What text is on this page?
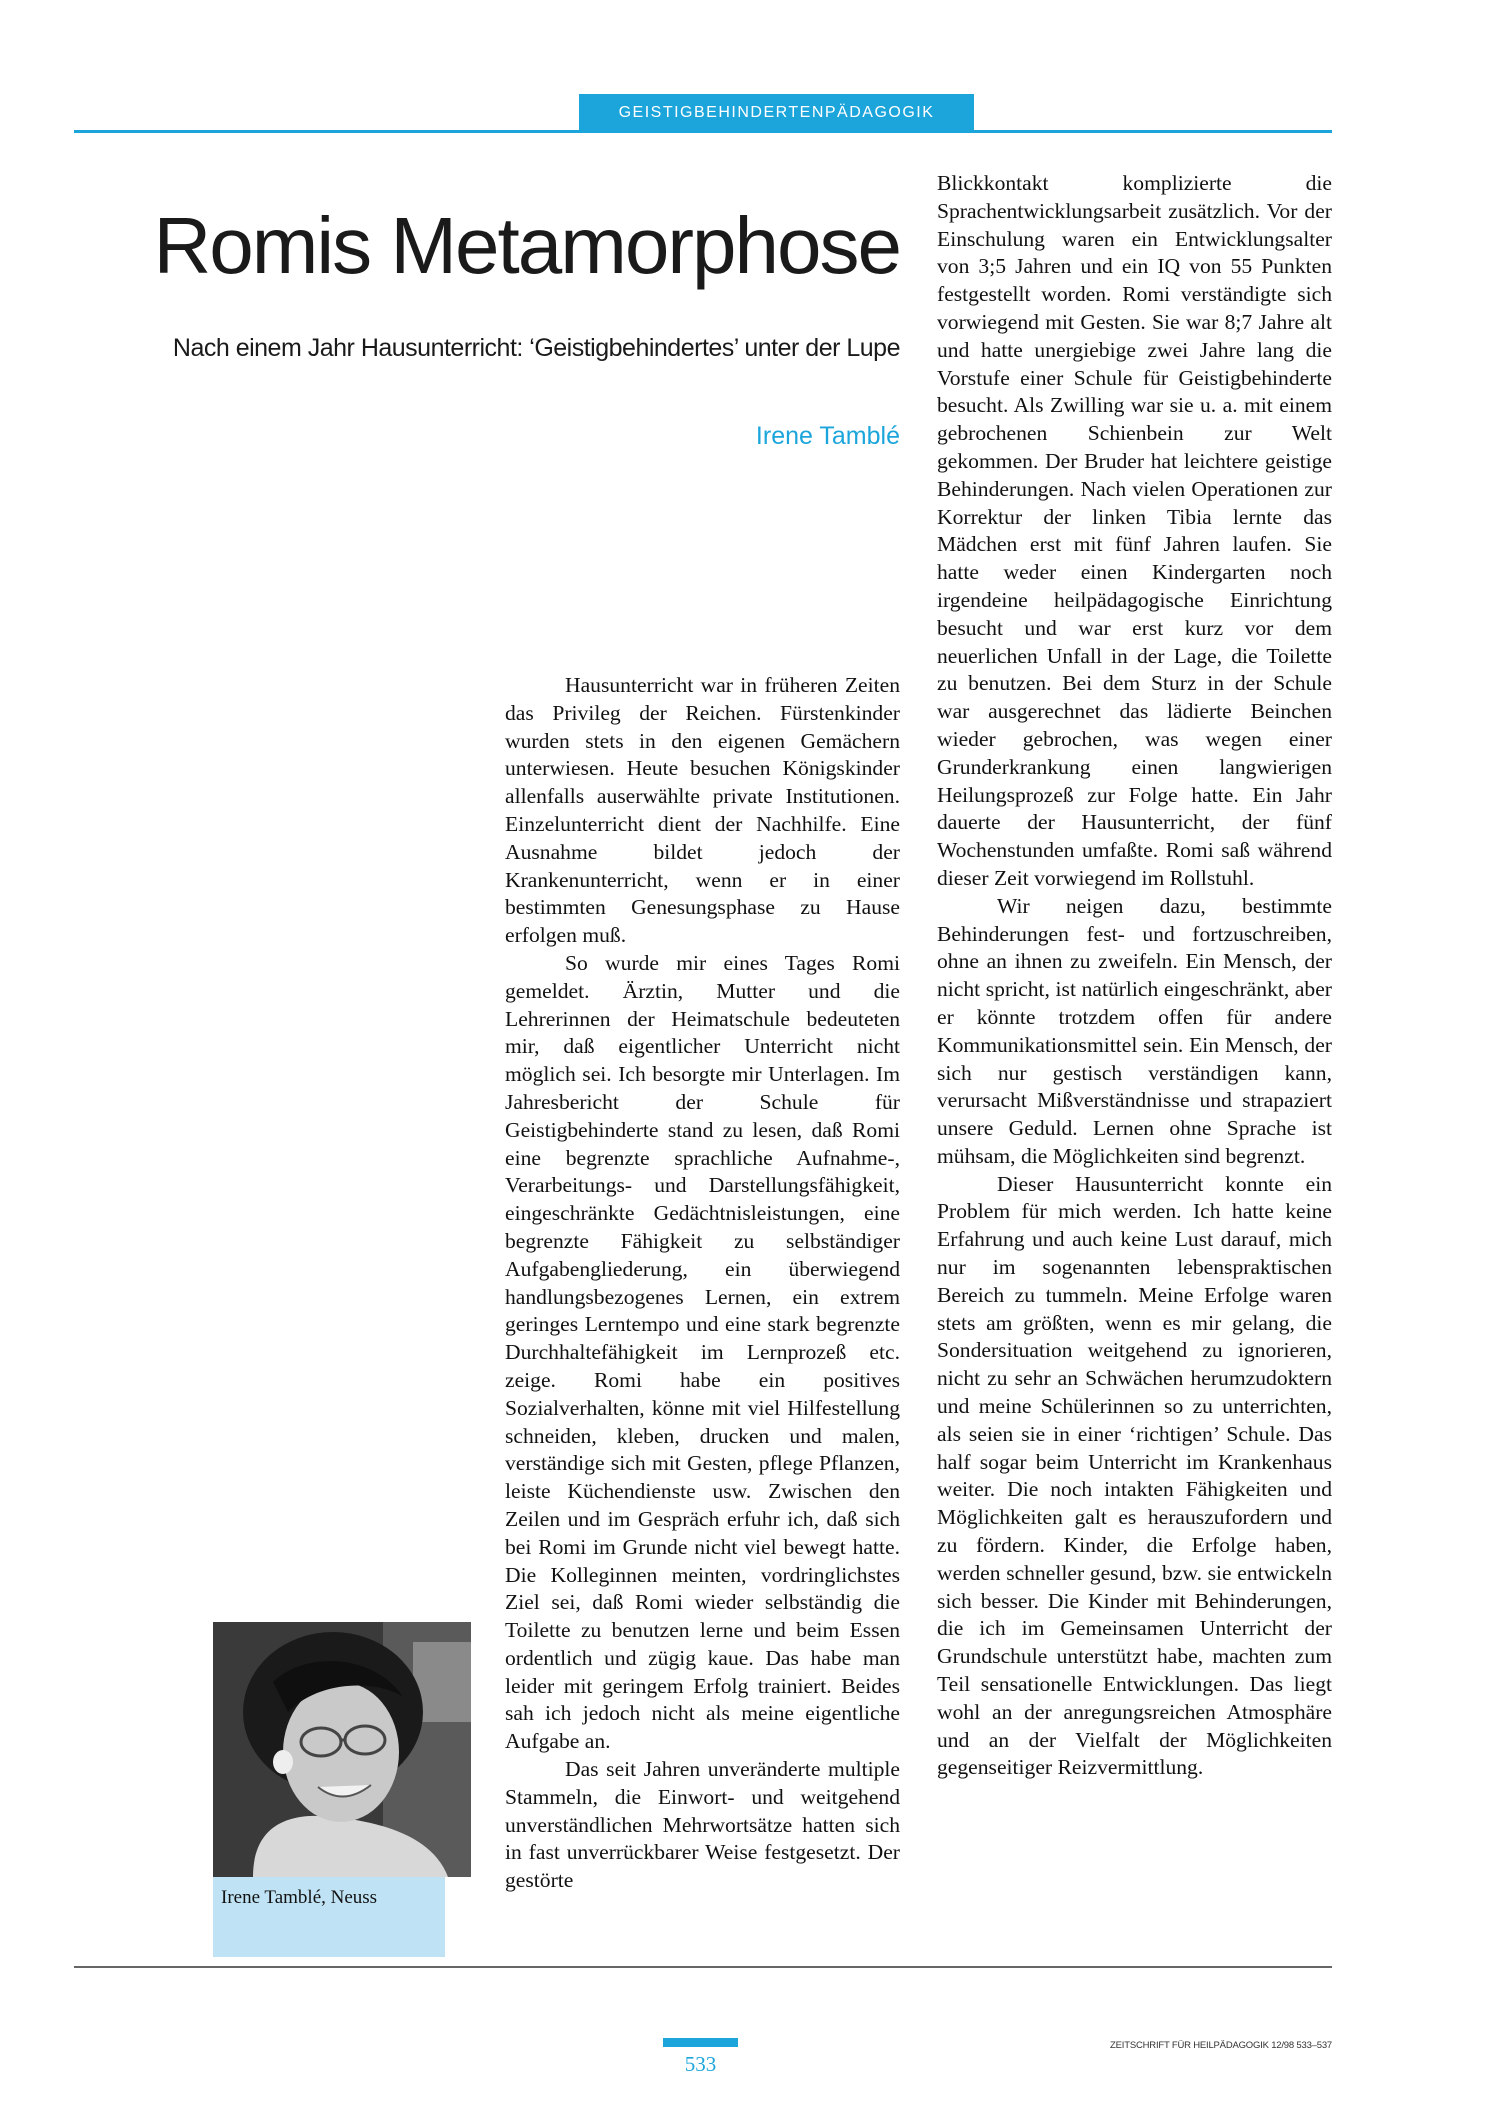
GEISTIGBEHINDERTENPÄDAGOGIK
Romis Metamorphose

Nach einem Jahr Hausunterricht: ‘Geistigbehindertes’ unter der Lupe

Irene Tamblé

Hausunterricht war in früheren Zeiten das Privileg der Reichen. Fürstenkinder wurden stets in den eigenen Gemächern unterwiesen. Heute besuchen Königskinder allenfalls auserwählte private Institutionen. Einzelunterricht dient der Nachhilfe. Eine Ausnahme bildet jedoch der Krankenunterricht, wenn er in einer bestimmten Genesungsphase zu Hause erfolgen muß.

So wurde mir eines Tages Romi gemeldet. Ärztin, Mutter und die Lehrerinnen der Heimatschule bedeuteten mir, daß eigentlicher Unterricht nicht möglich sei. Ich besorgte mir Unterlagen. Im Jahresbericht der Schule für Geistigbehinderte stand zu lesen, daß Romi eine begrenzte sprachliche Aufnahme-, Verarbeitungs- und Darstellungsfähigkeit, eingeschränkte Gedächtnisleistungen, eine begrenzte Fähigkeit zu selbständiger Aufgabengliederung, ein überwiegend handlungsbezogenes Lernen, ein extrem geringes Lerntempo und eine stark begrenzte Durchhaltefähigkeit im Lernprozeß etc. zeige. Romi habe ein positives Sozialverhalten, könne mit viel Hilfestellung schneiden, kleben, drucken und malen, verständige sich mit Gesten, pflege Pflanzen, leiste Küchendienste usw. Zwischen den Zeilen und im Gespräch erfuhr ich, daß sich bei Romi im Grunde nicht viel bewegt hatte. Die Kolleginnen meinten, vordringlichstes Ziel sei, daß Romi wieder selbständig die Toilette zu benutzen lerne und beim Essen ordentlich und zügig kaue. Das habe man leider mit geringem Erfolg trainiert. Beides sah ich jedoch nicht als meine eigentliche Aufgabe an.

Das seit Jahren unveränderte multiple Stammeln, die Einwort- und weitgehend unverständlichen Mehrwortsätze hatten sich in fast unverrückbarer Weise festgesetzt. Der gestörte

Blickkontakt komplizierte die Sprachentwicklungsarbeit zusätzlich. Vor der Einschulung waren ein Entwicklungsalter von 3;5 Jahren und ein IQ von 55 Punkten festgestellt worden. Romi verständigte sich vorwiegend mit Gesten. Sie war 8;7 Jahre alt und hatte unergiebige zwei Jahre lang die Vorstufe einer Schule für Geistigbehinderte besucht. Als Zwilling war sie u. a. mit einem gebrochenen Schienbein zur Welt gekommen. Der Bruder hat leichtere geistige Behinderungen. Nach vielen Operationen zur Korrektur der linken Tibia lernte das Mädchen erst mit fünf Jahren laufen. Sie hatte weder einen Kindergarten noch irgendeine heilpädagogische Einrichtung besucht und war erst kurz vor dem neuerlichen Unfall in der Lage, die Toilette zu benutzen. Bei dem Sturz in der Schule war ausgerechnet das lädierte Beinchen wieder gebrochen, was wegen einer Grunderkrankung einen langwierigen Heilungsprozeß zur Folge hatte. Ein Jahr dauerte der Hausunterricht, der fünf Wochenstunden umfaßte. Romi saß während dieser Zeit vorwiegend im Rollstuhl.

Wir neigen dazu, bestimmte Behinderungen fest- und fortzuschreiben, ohne an ihnen zu zweifeln. Ein Mensch, der nicht spricht, ist natürlich eingeschränkt, aber er könnte trotzdem offen für andere Kommunikationsmittel sein. Ein Mensch, der sich nur gestisch verständigen kann, verursacht Mißverständnisse und strapaziert unsere Geduld. Lernen ohne Sprache ist mühsam, die Möglichkeiten sind begrenzt.

Dieser Hausunterricht konnte ein Problem für mich werden. Ich hatte keine Erfahrung und auch keine Lust darauf, mich nur im sogenannten lebenspraktischen Bereich zu tummeln. Meine Erfolge waren stets am größten, wenn es mir gelang, die Sondersituation weitgehend zu ignorieren, nicht zu sehr an Schwächen herumzudoktern und meine Schülerinnen so zu unterrichten, als seien sie in einer ‘richtigen’ Schule. Das half sogar beim Unterricht im Krankenhaus weiter. Die noch intakten Fähigkeiten und Möglichkeiten galt es herauszufordern und zu fördern. Kinder, die Erfolge haben, werden schneller gesund, bzw. sie entwickeln sich besser. Die Kinder mit Behinderungen, die ich im Gemeinsamen Unterricht der Grundschule unterstützt habe, machten zum Teil sensationelle Entwicklungen. Das liegt wohl an der anregungsreichen Atmosphäre und an der Vielfalt der Möglichkeiten gegenseitiger Reizvermittlung.

Irene Tamblé, Neuss
533
ZEITSCHRIFT FÜR HEILPÄDAGOGIK 12/98 533–537
